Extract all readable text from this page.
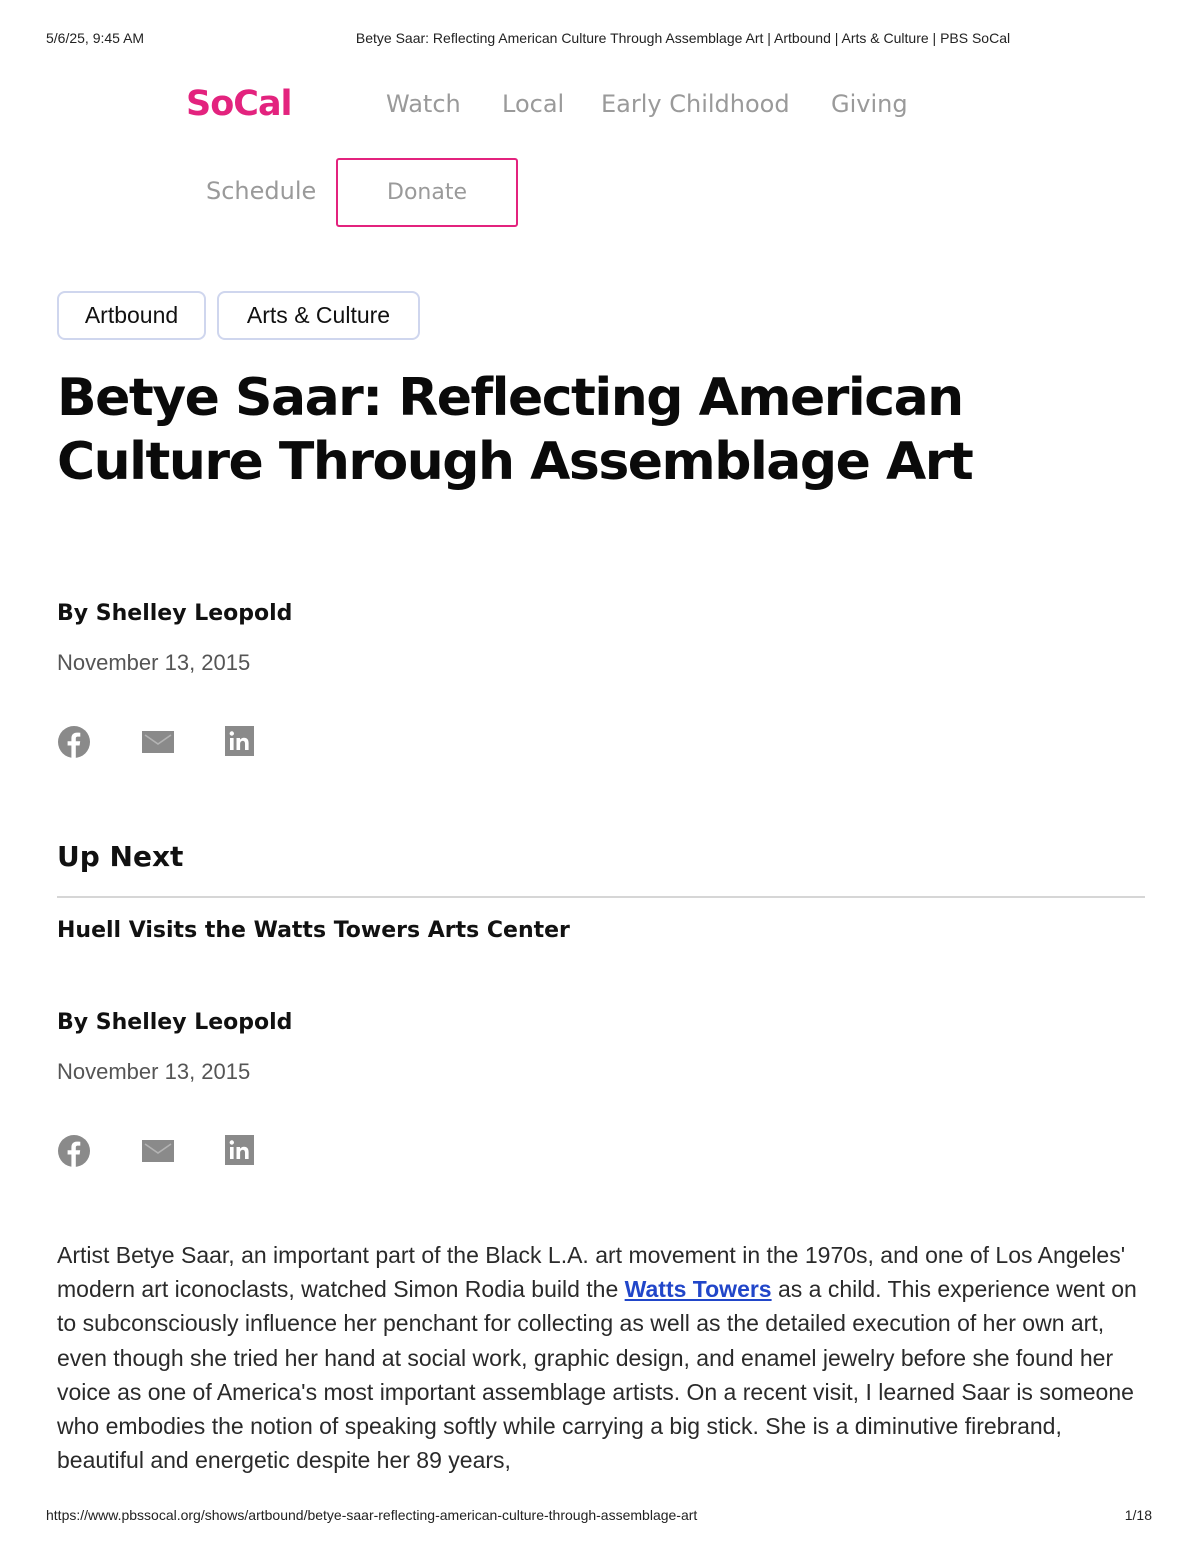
5/6/25, 9:45 AM	Betye Saar: Reflecting American Culture Through Assemblage Art | Artbound | Arts & Culture | PBS SoCal
SoCal	Watch Local Early Childhood Giving
Schedule	Donate
Artbound	Arts & Culture
Betye Saar: Reflecting American Culture Through Assemblage Art
By Shelley Leopold
November 13, 2015
Up Next
Huell Visits the Watts Towers Arts Center
By Shelley Leopold
November 13, 2015

Artist Betye Saar, an important part of the Black L.A. art movement in the 1970s, and one of Los Angeles' modern art iconoclasts, watched Simon Rodia build the Watts Towers as a child. This experience went on to subconsciously influence her penchant for collecting as well as the detailed execution of her own art, even though she tried her hand at social work, graphic design, and enamel jewelry before she found her voice as one of America's most important assemblage artists. On a recent visit, I learned Saar is someone who embodies the notion of speaking softly while carrying a big stick. She is a diminutive firebrand, beautiful and energetic despite her 89 years,

https://www.pbssocal.org/shows/artbound/betye-saar-reflecting-american-culture-through-assemblage-art	1/18
